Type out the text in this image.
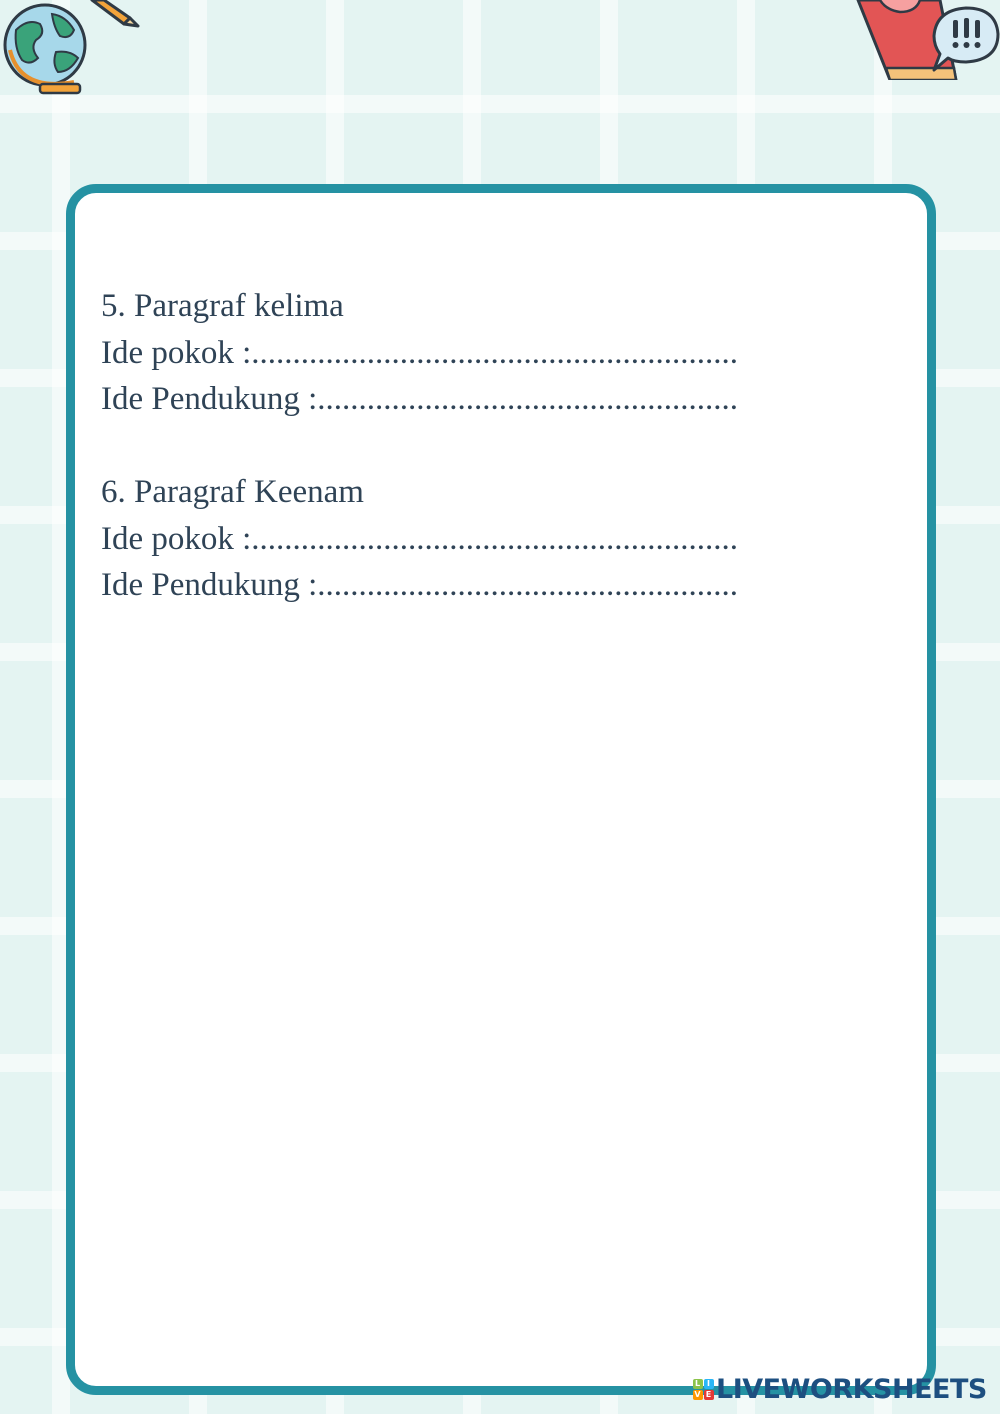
5. Paragraf kelima
Ide pokok :...........................................................
Ide Pendukung :...................................................
6. Paragraf Keenam
Ide pokok :...........................................................
Ide Pendukung :...................................................
L I
V E LIVEWORKSHEETS
